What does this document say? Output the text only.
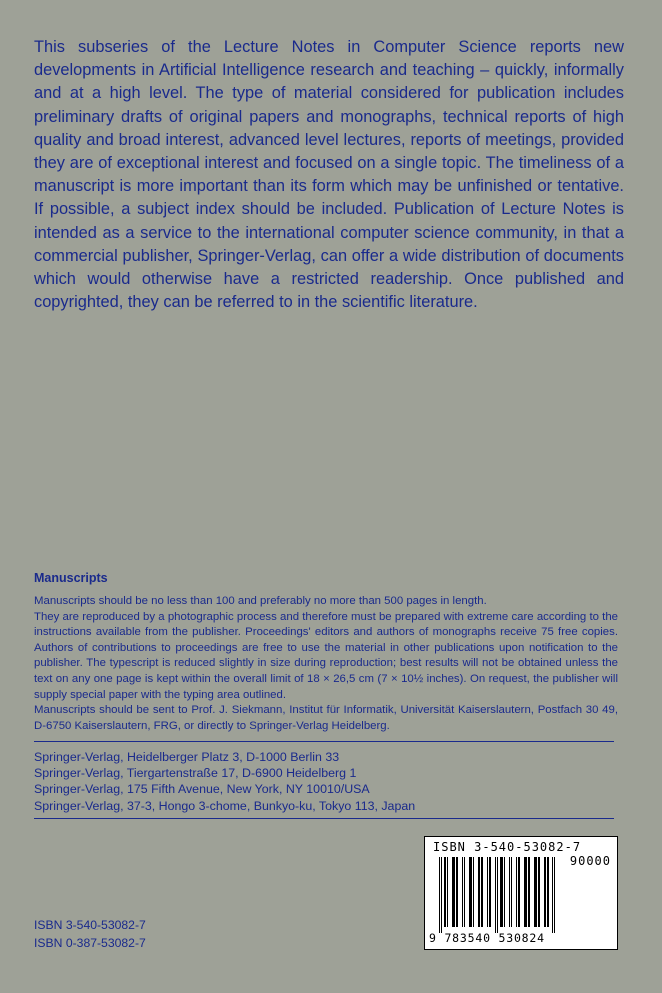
This subseries of the Lecture Notes in Computer Science reports new developments in Artificial Intelligence research and teaching – quickly, informally and at a high level. The type of material considered for publication includes preliminary drafts of original papers and monographs, technical reports of high quality and broad interest, advanced level lectures, reports of meetings, provided they are of exceptional interest and focused on a single topic. The timeliness of a manuscript is more important than its form which may be unfinished or tentative. If possible, a subject index should be included. Publication of Lecture Notes is intended as a service to the international computer science community, in that a commercial publisher, Springer-Verlag, can offer a wide distribution of documents which would otherwise have a restricted readership. Once published and copyrighted, they can be referred to in the scientific literature.

Manuscripts

Manuscripts should be no less than 100 and preferably no more than 500 pages in length.

They are reproduced by a photographic process and therefore must be prepared with extreme care according to the instructions available from the publisher. Proceedings' editors and authors of monographs receive 75 free copies. Authors of contributions to proceedings are free to use the material in other publications upon notification to the publisher. The typescript is reduced slightly in size during reproduction; best results will not be obtained unless the text on any one page is kept within the overall limit of 18 × 26,5 cm (7 × 10½ inches). On request, the publisher will supply special paper with the typing area outlined.

Manuscripts should be sent to Prof. J. Siekmann, Institut für Informatik, Universität Kaiserslautern, Postfach 30 49, D-6750 Kaiserslautern, FRG, or directly to Springer-Verlag Heidelberg.

Springer-Verlag, Heidelberger Platz 3, D-1000 Berlin 33
Springer-Verlag, Tiergartenstraße 17, D-6900 Heidelberg 1
Springer-Verlag, 175 Fifth Avenue, New York, NY 10010/USA
Springer-Verlag, 37-3, Hongo 3-chome, Bunkyo-ku, Tokyo 113, Japan
ISBN 3-540-53082-7
ISBN 0-387-53082-7
ISBN 3-540-53082-7
90000
9 783540 530824
